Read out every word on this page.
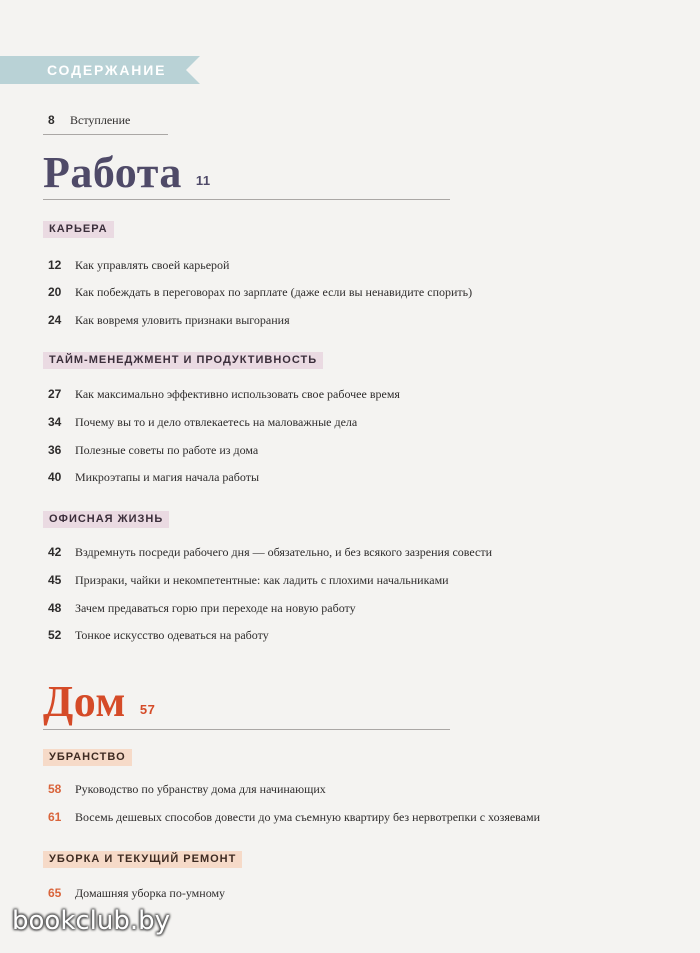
СОДЕРЖАНИЕ
8 Вступление
Работа 11
КАРЬЕРА
12 Как управлять своей карьерой
20 Как побеждать в переговорах по зарплате (даже если вы ненавидите спорить)
24 Как вовремя уловить признаки выгорания
ТАЙМ-МЕНЕДЖМЕНТ И ПРОДУКТИВНОСТЬ
27 Как максимально эффективно использовать свое рабочее время
34 Почему вы то и дело отвлекаетесь на маловажные дела
36 Полезные советы по работе из дома
40 Микроэтапы и магия начала работы
ОФИСНАЯ ЖИЗНЬ
42 Вздремнуть посреди рабочего дня — обязательно, и без всякого зазрения совести
45 Призраки, чайки и некомпетентные: как ладить с плохими начальниками
48 Зачем предаваться горю при переходе на новую работу
52 Тонкое искусство одеваться на работу
Дом 57
УБРАНСТВО
58 Руководство по убранству дома для начинающих
61 Восемь дешевых способов довести до ума съемную квартиру без нервотрепки с хозяевами
УБОРКА И ТЕКУЩИЙ РЕМОНТ
65 Домашняя уборка по-умному
bookclub.by
